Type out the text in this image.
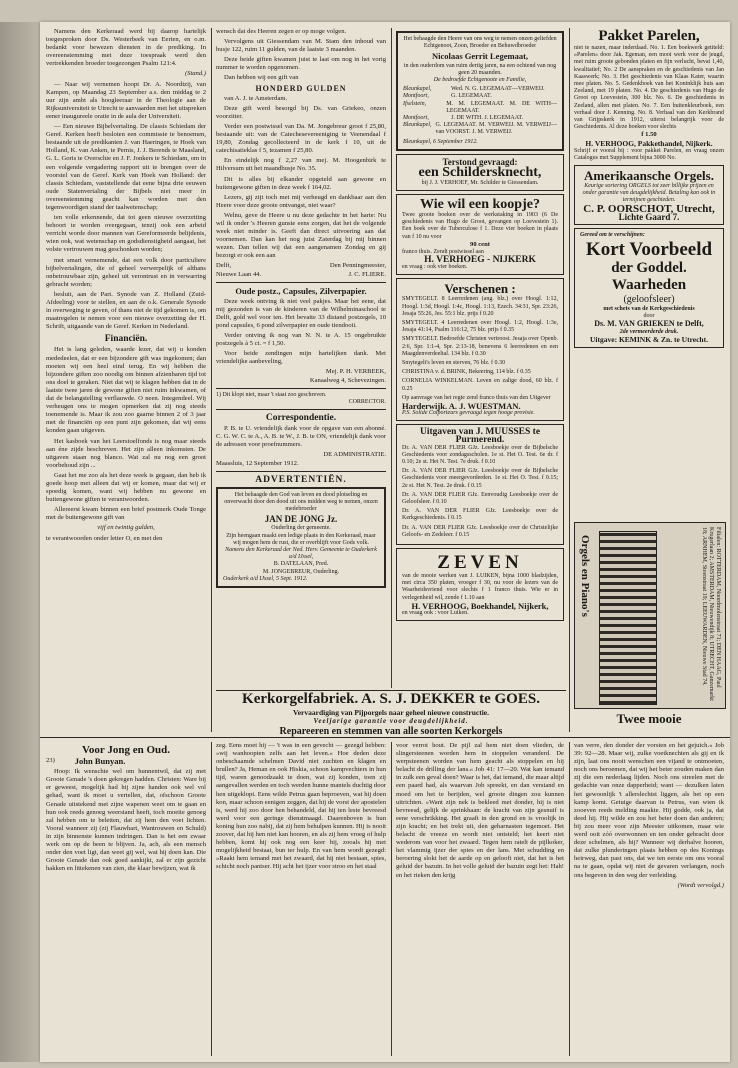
Namens den Kerkeraad werd bij daarop hartelijk toegesproken door Ds. Westerbeek van Eerten, en o.m. bedankt voor bewezen diensten in de prediking. In overeenstemming met deze toespraak werd den vertrekkenden broeder toegezongen Psalm 121:4.

(Stand.)

— Naar wij vernemen hoopt Dr. A. Noordtzij, van Kampen, op Maandag 23 September a.s. den middag te 2 uur zijn ambt als hoogleeraar in de Theologie aan de Rijksuniversiteit te Utrecht te aanvaarden met het uitspreken eener inaugureele oratie in de aula der Universiteit.

— Een nieuwe Bijbelvertaling. De classis Schiedam der Geref. Kerken heeft besloten een commissie te benoemen, bestaande uit de predikanten J. van Haeringen, te Hoek van Holland, K. van Anken, te Pernis, J. J. Berends te Maasland, G. L. Goris te Overschie en J. F. Jonkers te Schiedam, om in een volgende vergadering rapport uit te brengen over de voorstel van de Geref. Kerk van Hoek van Holland: der classis Schiedam, vaststellende dat eene bijna drie eeuwen oude Statenvertaling der Bijbels niet meer in overeenstemming geacht kan worden met den tegenwoordigen stand der taalwetenschap;

ten volle erkennende, dat tot geen nieuwe overzetting behoort te worden overgegaan, tenzij ook een arbeid verricht worde door mannen van Gereformeerde belijdenis, wien ook, wat wetenschap en godsdienstigheid aangaat, het volste vertrouwen mag geschonken worden;

met smart vernemende, dat een volk door particuliere bijbelvertalingen, die of geheel verwerpelijk of althans onbetrouwbaar zijn, geheel uit verontrust en in verwarring gebracht worden;

besluit, aan de Part. Synode van Z. Holland (Zuid-Afdeeling) voor te stellen, en aan de o.k. Generale Synode in overweging te geven, of thans niet de tijd gekomen is, om maatregelen te nemen voor een nieuwe overzetting der H. Schrift, uitgaande van de Geref. Kerken in Nederland.

Financiën.

Het is lang geleden, waarde lezer, dat wij u konden mededeelen, dat er een bijzondere gift was ingekomen; dan moeten wij een heel eind terug. En wij hebben die bijzondere giften zoo noodig om binnen afzienbaren tijd tot ons doel te geraken. Niet dat wij te klagen hebben dat in de laatste twee jaren de gewone giften niet ruim inkwamen, of dat de belangstelling verflauwde. O neen. Integendeel. Wij verheugen ons te mogen opmerken dat zij nog steeds toenemende is. Maar ik zou zoo gaarne binnen 2 of 3 jaar met de financiën op een punt zijn gekomen, dat wij eens konden gaan uitgeven.

Het kasboek van het Leerstoelfonds is nog maar steeds aan éne zijde beschreven. Het zijn alleen inkomsten. De uitgaven staan nog blanco. Wat zal nu nog een groot voorbehoud zijn ...

Gaat het me zoo als het deze week is gegaan, dan heb ik goede hoop met alleen dat wij er komen, maar dat wij er spoedig komen, want wij hebben nu gewone en buitengewone giften te verantwoorden.

Allereerst kwam binnen een brief postmerk Oude Tonge met de buitengewone gift van

vijf en twintig gulden,

te verantwoorden onder letter O, en met den

wensch dat des Heeren zegen er op moge volgen.

Vervolgens uit Giessendam van M. Stam den inhoud van busje 122, ruim 11 gulden, van de laatste 3 maanden.

Deze beide giften kwamen juist te laat om nog in het vorig nummer te worden opgenomen.

Dan hebben wij een gift van

HONDERD GULDEN

van A. J. te Amsterdam.

Deze gift werd besorgd bij Ds. van Griekeo, onzen voorzitter.

Verder een postwissel van Da. M. Jongebreur groot f 25,80, bestaande uit: van de Catechesevereeniging te Veenendaal f 19,80, Zondag gecollecteerd in de kerk f 10, uit de catechisatieklas f 5, tezamen f 25,80.

En eindelijk nog f 2,27 van mej. M. Hoogenbirk te Hilversum uit het maandbusje No. 35.

Dit is alles bij elkander opgeteld aan gewone en buitengewone giften in deze week f 164,02.

Lezers, gij zijt toch met mij verheugd en dankbaar aan den Heere voor deze groote ontvangst, niet waar?

Welnu, geve de Heere u nu deze gedachte in het harte: Nu wil ik onder 's Heeren gunste eens zorgen, dat het de volgende week niet minder is. Geeft dan direct uitvoering aan dat voornemen. Dan kan het nog juist Zaterdag bij mij binnen wezen. Dan tellen wij dat een aangenamen Zondag en gij bezorgt er ook een aan

Delft,	Den Penningmeester,
Nieuwe Laan 44.	J. C. FLIERE.
Oude postz., Capsules, Zilverpapier.

Deze week ontving ik niet veel pakjes. Maar het eene, dat mij gezonden is van de kinderen van de Wilhelminaschool te Delft, gold wel voor ten. Het bevatte 33 distand postzegels, 10 pond capsules, 6 pond zilverpapier en oude tiendooii.

Verder ontving ik nog van N. N. te A. 15 ongebruikte postzegels à 5 ct. = f 1,50.

Voor beide zendingen mijn hartelijken dank. Met vriendelijke aanbeveling,

Mej. P. H. VERBEEK,
Kanaalweg 4, Schevezingen.
1) Dit klopt niet, maar 't staat zoo geschreven.
CORRECTOR.
Correspondentie.

P. B. te U. vriendelijk dank voor de opgave van een abonné. C. G. W. C. te A., A. B. te W., J. B. te ON, vriendelijk dank voor de adressen voor proefnummers.

DE ADMINISTRATIE.
Maassluis, 12 September 1912.
ADVERTENTIËN.
Het behaagde den God van leven en dood plotseling en onverwacht door den dood uit ons midden weg te nemen, onzen medebroeder
JAN DE JONG Jz.
Ouderling der gemeente.
Zijn heengaan maakt een ledige plaats in den Kerkeraad, maar wij mogen hem de rust, die er overblijft voor Gods volk.
Namens den Kerkeraad der Ned. Herv. Gemeente te Ouderkerk a/d IJssel,
B. DATELAAN, Pred.
M. JONGEBREUR, Ouderling.
Ouderkerk a/d IJssel, 5 Sept. 1912.
Het behaagde den Heere van ons weg te nemen onzen geliefden Echtgenoot, Zoon, Broeder en Behuwdbroeder
Nicolaas Gerrit Legemaat,
in den ouderdom van ruim dertig jaren, na een ochtend van nog geen 20 maanden.
De bedroefde Echtgenoote en Familie,
Bleunkapel,	Wed. N. G. LEGEMAAT—VERWEIJ.
Montfoort,	G. LEGEMAAT.
Ifselstein,	M. M. LEGEMAAT. M. DE WITH—LEGEMAAT.
Montfoort,	J. DE WITH. J. LEGEMAAT.
Bleunkapel, G. LEGEMAAT. M. VERWEIJ. M. VERWEIJ—van VOORST. J. M. VERWEIJ.
Bleunkapel, 6 September 1912.
Terstond gevraagd:
een Schildersknecht,
bij J. J. VERHOEF, Mr. Schilder te Giessendam.
Wie wil een koopje?
Twee groote boeken over de werkstaking in 1903 (6 De geschiedenis van Hugo de Groot, gevangen op Loevestein 1). Een boek over de Tuberculose f 1. Deze vier boeken in plaats van f 10 nu voor
90 cent
franco thuis. Zendt postwissel aan
H. VERHOEG - NIJKERK
en vraag : ook vier boeken.
Verschenen :
SMYTEGELT. 8 Leerredenen (ang. blz.) over Hoogl. 1:12, Hoogl. 1:3d, Hoogl. 1:4c, Hoogl. 1:13, Ezech. 34:31, Spr. 23:26, Jesaja 55:26, Jes. 55:1 blz. prijs f 0.20
SMYTEGELT. 4 Leerredenen over Hoogl. 1:2, Hoogl. 1:3e, Jesaja 41:14, Psalm 116:12, 75 blz. prijs f 0.35
SMYTEGELT. Bedroefde Christen vertroost. Jesaja over Openb. 2:6, Spr. 1:1-4, Spr. 2:13-18, benevens 6 leerredenen en een Maagdenverdeeltal. 134 blz. f 0.30
Smytegelt's leven en sterven, 76 blz. f 0.30
CHRISTINA v. d. BRINK, Bekeering, 114 blz. f 0.35
CORNELIA WINKELMAN. Leven en zalige dood, 60 blz. f 0.25
Op aanvrage van het regte zend franco thuis van den Uitgever
Harderwijk. A. J. WUESTMAN.
P.S. Solide Colporteurs gevraagd tegen hooge provisie.
Uitgaven van J. MUUSSES te Purmerend.
Dr. A. VAN DER FLIER GJz. Leesboekje over de Bijbelsche Geschiedenis voor zondagsscholen. 1e st. Het O. Test. 6e dr. f 0.10; 2e st. Het N. Test. 7e druk. f 0.10
Dr. A. VAN DER FLIER GJz. Leesboekje over de Bijbelsche Geschiedenis voor meergevorderden. 1e st. Het O. Test. f 0.15; 2e st. Het N. Test. 2e druk. f 0.15
Dr. A. VAN DER FLIER GJz. Eenvoudig Leesboekje over de Geloofsleer. f 0.10
Dr. A. VAN DER FLIER GJz. Leesboekje over de Kerkgeschiedenis. f 0.15
Dr. A. VAN DER FLIER GJz. Leesboekje over de Christelijke Geloofs- en Zedeleer. f 0.15
ZEVEN
van de mooie werken van J. LUIKEN, bijna 1000 bladzijden, met circa 350 platen, vroeger f 30, nu voor de lezers van de Waarheidsvriend voor slechts f 1 franco thuis. Wie er in verlegenheid wil, zende f 1.10 aan
H. VERHOOG, Boekhandel, Nijkerk,
en vraag ook : voor Luiken.
Pakket Parelen,
niet te nazen, maar inderdaad. No. 1. Een boekwerk getiteld: »Parelen« door Jak. Egeman, een mooi werk voor de jeugd, met ruim groote gebonden platen en fijn verlucht, bevat 1,40, kwalitatief; No. 2 De aanspraken en de geschiedenis van Jan Kaaswerk; No. 3. Het geschiedenis van Klaas Kater, waarin mee platen. No. 5. Gedenkboek van het Koninklijk huis aan Zeeland, met 19 platen. No. 4. De geschiedenis van Hugo de Groot op Loevestein, 300 blz. No. 6. De geschiedenis in Zeeland, allen met platen. No. 7. Een buitenkleurboek, een verhaal door J. Kenning. No. 8. Verhaal van den Kerkbrand van Grijpskerk in 1912, uiterst belangrijk voor de Geschiedenis. Al deze boeken voor slechts
f 1.50
H. VERHOOG, Pakkethandel, Nijkerk.
Schrijf er vooral bij : voor pakket Parelen, en vraag onzen Catalogus met Supplement bijna 3000 No.
Amerikaansche Orgels.
Keurige sortering ORGELS tot zeer billijke prijzen en onder garantie van deugdelijkheid. Betaling kan ook in termijnen geschieden.
C. P. OORSCHOT, Utrecht,
Lichte Gaard 7.
Gereed om te verschijnen:
Kort Voorbeeld
der Goddel. Waarheden
(geloofsleer)
met schets van de Kerkgeschiedenis
door
Ds. M. VAN GRIEKEN te Delft,
2de vermeerderde druk.
Uitgave: KEMINK & Zn. te Utrecht.
Orgels en Piano's	Filialen: ROTTERDAM, Noordmolenstraat 71; DEN HAAG, Paul Krugerlaan 2; AMSTERDAM, Nieuwendijk 8; UTRECHT, Ganzemarkt 18; ARNHEM, Steenstraat 19; LEEUWARDEN, Nieuwe Stad 74.
Twee mooie
Kerkorgelfabriek. A. S. J. DEKKER te GOES.
Vervaardiging van Pijporgels naar geheel nieuwe constructie.
Veeljarige garantie voor deugdelijkheid.
Repareeren en stemmen van alle soorten Kerkorgels
Voor Jong en Oud.
23) John Bunyan.

Hoop: Ik wenschte wel om hunnentwil, dat zij met Groote Genade 's doen gekregen hadden. Christen: Ware bij er geweest, mogelijk had hij zijne handen ook wel vol gehad, want ik moet u vertellen, dat, ofschoon Groote Genade uitstekend met zijne wapenen weet om te gaan en hun ook reeds genoeg weerstand heeft, toch moeite genoeg zal hebben om te beletten, dat zij hem den voet lichten. Vooral wanneer zij (zij Flauwhart, Wantrouwen en Schuld) in zijn binnenste kunnen indringen. Dan is het een zwaar werk om op de been te blijven. Ja, ach, als een mensch onder den voet ligt, dan weet gij wel, wat hij doen kan. Die Groote Genade dan ook goed aankijkt, zal er zijn gezicht hakken en littekenen van zien, die klaar bewijzen, wat ik

zeg. Eens moet hij — 't was in een gevecht — gezegd hebben: »wij wanhoopten zelfs aan het leven.« Hoe deden deze onbeschaamde schelmen David niet zuchten en klagen en brullen? Ja, Heman en ook Hiskia, schoon kampvechters in hun tijd, waren genoodzaakt te doen, wat zij konden, toen zij aangevallen werden en toch werden hunne mantels duchtig door hen uitgeklopt. Eens wilde Petrus gaan beproeven, wat hij doen kon, maar schoon eenigen zeggen, dat hij de vorst der apostelen is, werd hij zoo door hen behandeld, dat hij ten leste bevreesd werd voor een geringe dienstmaagd. Daarenboven is hun koning hun zoo nabij, dat zij hem behulpen kunnen. Hij is nooit zoover, dat hij hen niet kan hooren, en als zij hem vroeg of hulp hebben, komt hij ook nog een keer bij, zooals hij met mogelijkheid bestaat, bun ter hulp. En van hem wordt gezegd: »Raakt hem iemand met het zwaard, dat hij niet bestaan, spies, schicht noch pantser. Hij acht het ijzer voor stroo en het staal

voor verrot hout. De pijl zal hem niet doen vlieden, de slingersteenen worden hem in stoppelen veranderd. De werpsteenen worden van hem geacht als stoppelen en hij belacht de drilling der lans.« Job 41: 17—20. Wat kan iemand in zulk een geval doen? Waar is het, dat iemand, die maar altijd een paard had, als waarvan Job spreekt, en dan verstand en moed om het te berijden, wel groote dingen zou kunnen uitrichten. »Want zijn nek is bekleed met donder, hij is niet bevreesd, gelijk de sprinkhaan: de kracht van zijn gesnuif is eene verschrikking. Het graaft in den grond en is vroolijk in zijn kracht; en het trekt uit, den geharnasten tegemoet. Het belacht de vreeze en wordt niet ontsteld; het keert niet wederom van voor het zwaard. Tegen hem ratelt de pijlkoker, het vlammig ijzer der spies en der lans. Met schudding en beroering slokt het de aarde op en gelooft niet, dat het is het geluid der bazuin. In het volle geluid der bazuin zegt het: Hah! en het rieken den krijg

van verre, den donder der vorsten en het gejuich.« Job 39: 92—28. Maar wij, zulke voetknechten als gij en ik zijn, laat ons nooit wenschen een vijand te ontmoeten, noch ons beroemen, dat wij het beter zouden maken dan zij die een nederlaag lijden. Noch ons streelen met de gedachte van onze dapperheid; want — dezulken laten het gewoonlijk 't allerslechtst liggen, als het op een kamp komt. Getuige daarvan is Petrus, van wien ik zooeven reeds melding maakte. Hij godde, ook ja, dat deed hij. Hij wilde en zou het beter doen dan anderen; bij zou meer voor zijn Meester uitkomen, maar wie werd ooit zóó overwonnen en ten onder gebracht door deze schelmen, als hij? Wanneer wij derhalve hooren, dat zulke plunderingen plaats hebben op des Konings heirweg, dan past ons, dat we ten eerste om ons vooral na te gaan, opdat wij niet de gevaren verlangen, noch ons begeven in den weg der verleiding.

(Wordt vervolgd.)
